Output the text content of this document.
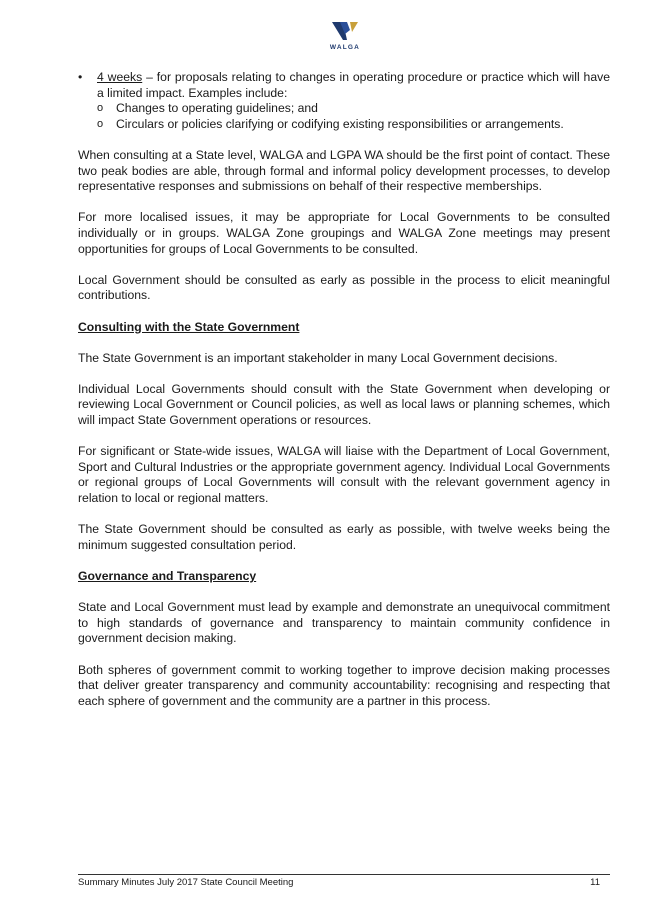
WALGA
• 4 weeks – for proposals relating to changes in operating procedure or practice which will have a limited impact. Examples include:
o Changes to operating guidelines; and
o Circulars or policies clarifying or codifying existing responsibilities or arrangements.

When consulting at a State level, WALGA and LGPA WA should be the first point of contact. These two peak bodies are able, through formal and informal policy development processes, to develop representative responses and submissions on behalf of their respective memberships.

For more localised issues, it may be appropriate for Local Governments to be consulted individually or in groups. WALGA Zone groupings and WALGA Zone meetings may present opportunities for groups of Local Governments to be consulted.

Local Government should be consulted as early as possible in the process to elicit meaningful contributions.

Consulting with the State Government

The State Government is an important stakeholder in many Local Government decisions.

Individual Local Governments should consult with the State Government when developing or reviewing Local Government or Council policies, as well as local laws or planning schemes, which will impact State Government operations or resources.

For significant or State-wide issues, WALGA will liaise with the Department of Local Government, Sport and Cultural Industries or the appropriate government agency. Individual Local Governments or regional groups of Local Governments will consult with the relevant government agency in relation to local or regional matters.

The State Government should be consulted as early as possible, with twelve weeks being the minimum suggested consultation period.

Governance and Transparency

State and Local Government must lead by example and demonstrate an unequivocal commitment to high standards of governance and transparency to maintain community confidence in government decision making.

Both spheres of government commit to working together to improve decision making processes that deliver greater transparency and community accountability: recognising and respecting that each sphere of government and the community are a partner in this process.

Summary Minutes July 2017 State Council Meeting	11
